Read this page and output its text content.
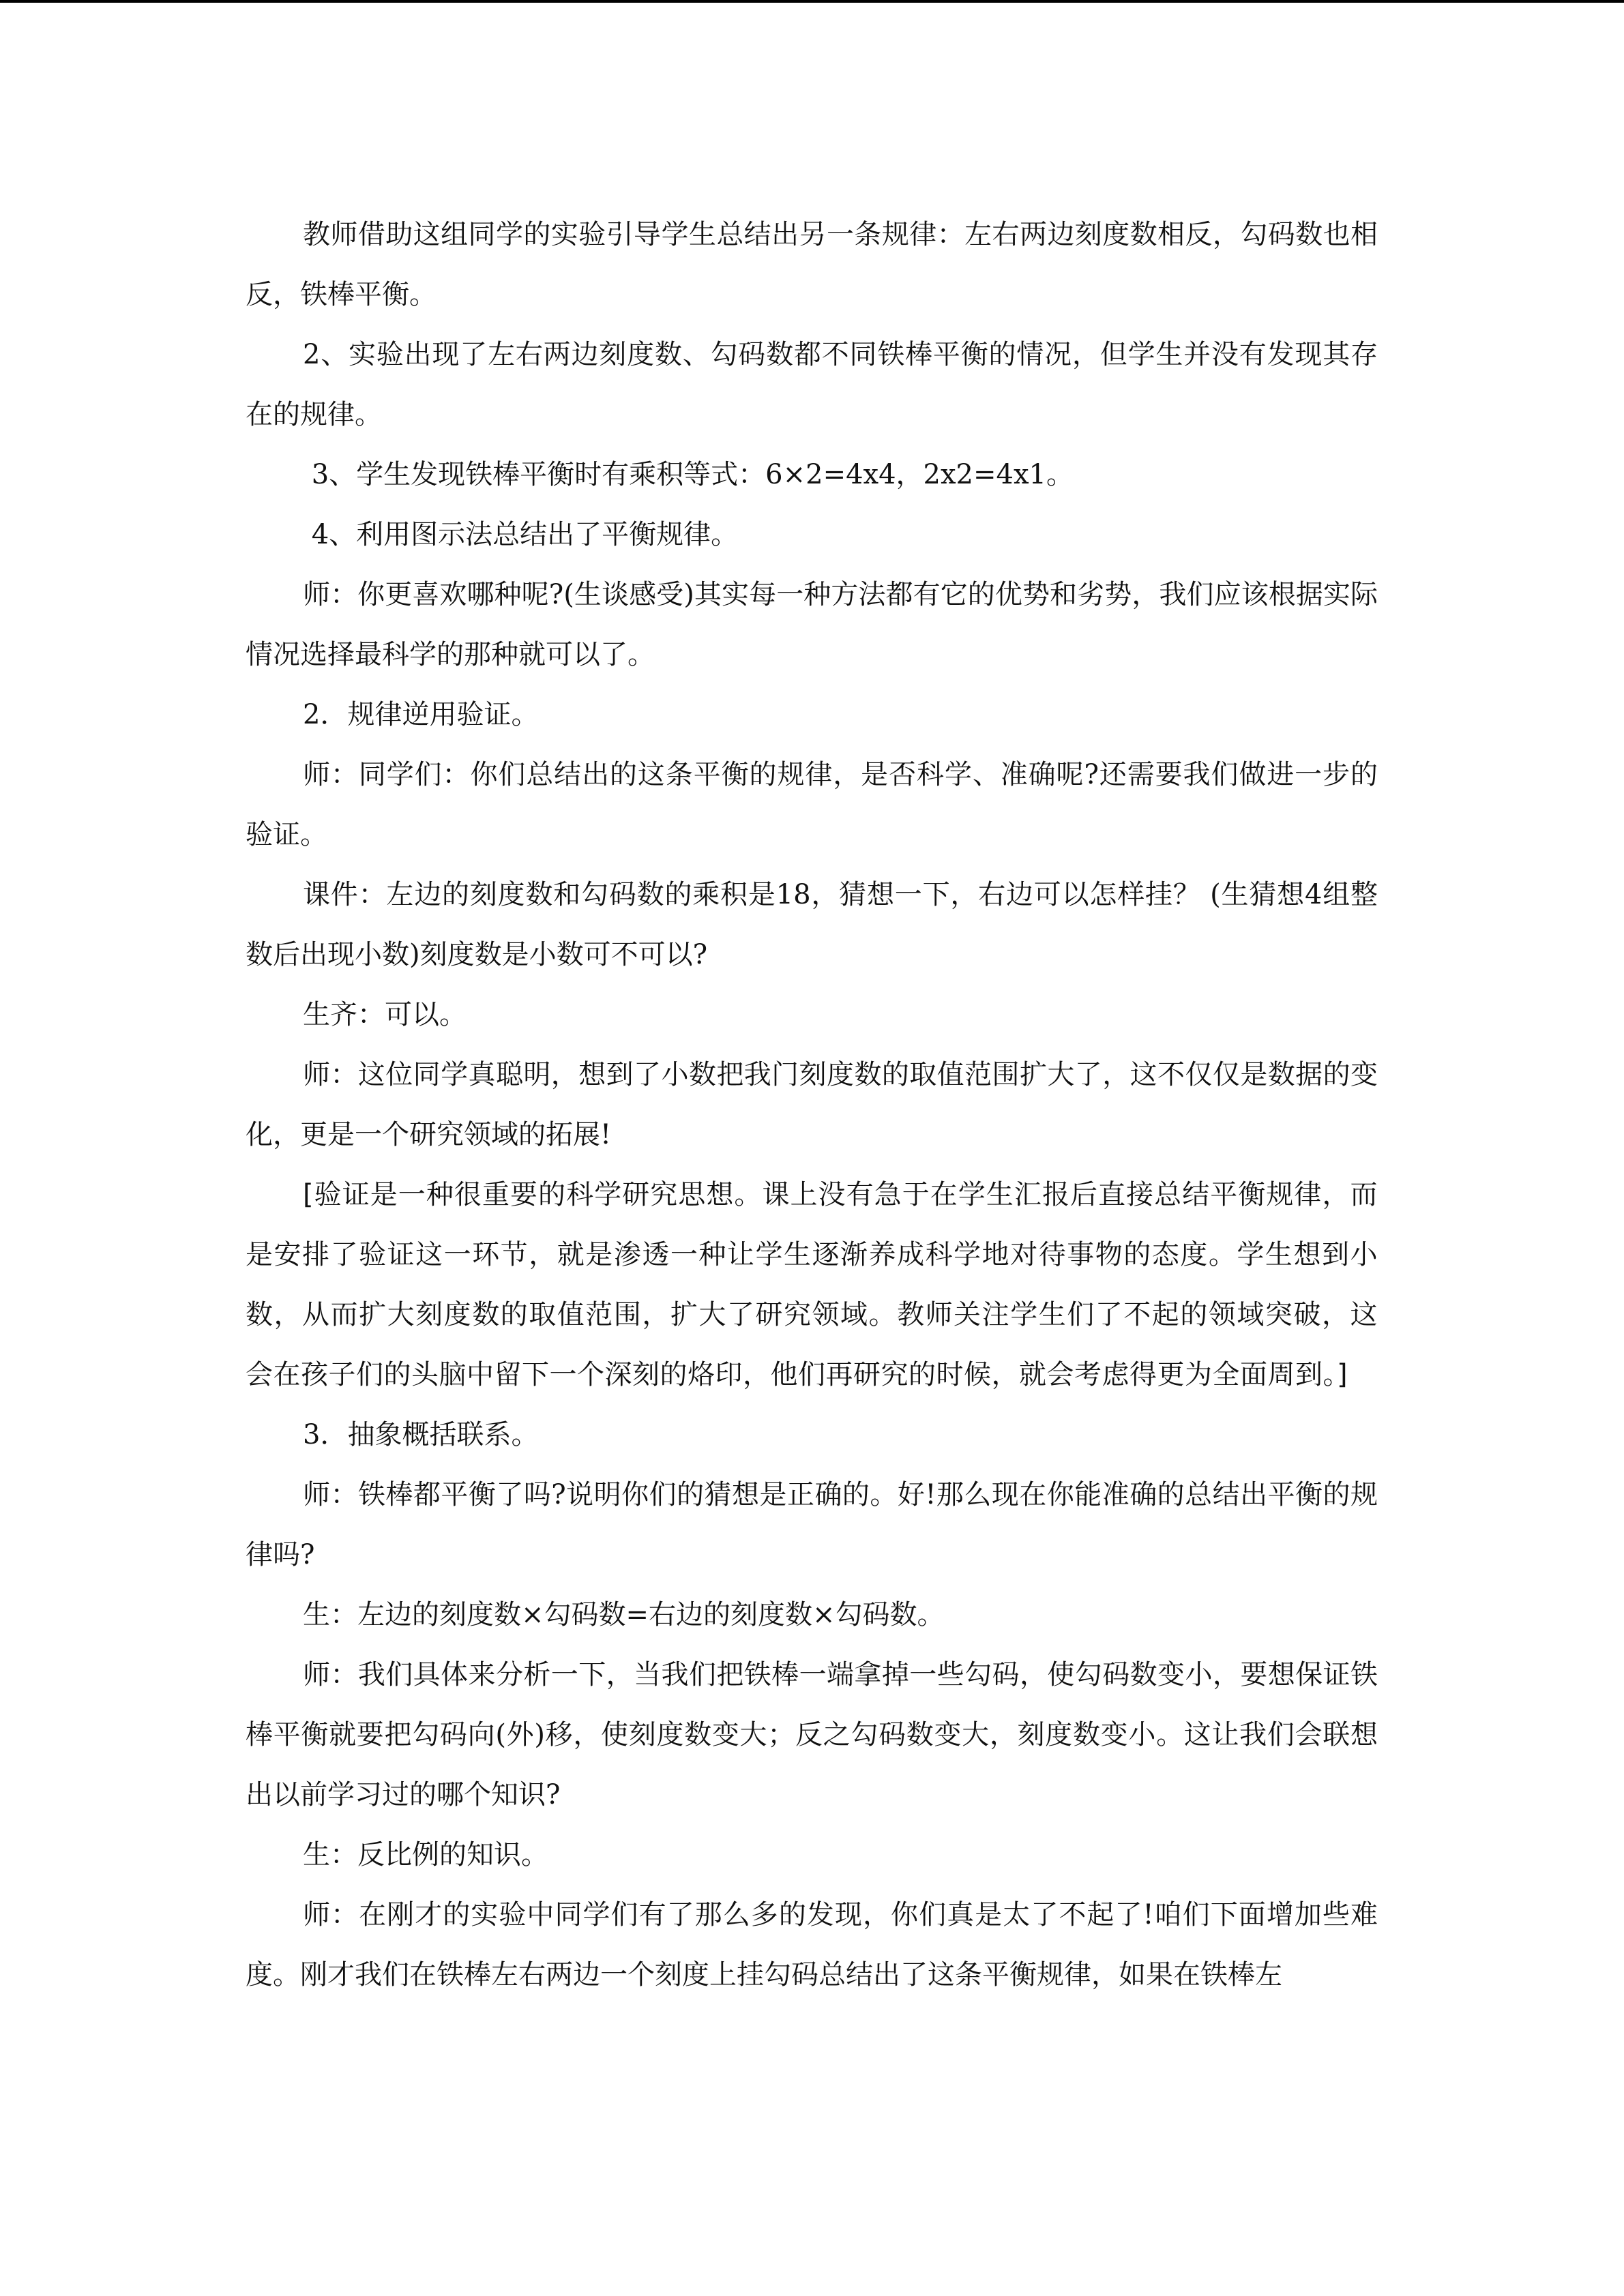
教师借助这组同学的实验引导学生总结出另一条规律：左右两边刻度数相反，勾码数也相反，铁棒平衡。

2、实验出现了左右两边刻度数、勾码数都不同铁棒平衡的情况，但学生并没有发现其存在的规律。

3、学生发现铁棒平衡时有乘积等式：6×2=4x4，2x2=4x1。

4、利用图示法总结出了平衡规律。

师：你更喜欢哪种呢?(生谈感受)其实每一种方法都有它的优势和劣势，我们应该根据实际情况选择最科学的那种就可以了。

2．规律逆用验证。

师：同学们：你们总结出的这条平衡的规律，是否科学、准确呢?还需要我们做进一步的验证。

课件：左边的刻度数和勾码数的乘积是18，猜想一下，右边可以怎样挂？ (生猜想4组整数后出现小数)刻度数是小数可不可以?

生齐：可以。

师：这位同学真聪明，想到了小数把我门刻度数的取值范围扩大了，这不仅仅是数据的变化，更是一个研究领域的拓展!

[验证是一种很重要的科学研究思想。课上没有急于在学生汇报后直接总结平衡规律，而是安排了验证这一环节，就是渗透一种让学生逐渐养成科学地对待事物的态度。学生想到小数，从而扩大刻度数的取值范围，扩大了研究领域。教师关注学生们了不起的领域突破，这会在孩子们的头脑中留下一个深刻的烙印，他们再研究的时候，就会考虑得更为全面周到。]

3．抽象概括联系。

师：铁棒都平衡了吗?说明你们的猜想是正确的。好!那么现在你能准确的总结出平衡的规律吗?

生：左边的刻度数×勾码数=右边的刻度数×勾码数。

师：我们具体来分析一下，当我们把铁棒一端拿掉一些勾码，使勾码数变小，要想保证铁棒平衡就要把勾码向(外)移，使刻度数变大；反之勾码数变大，刻度数变小。这让我们会联想出以前学习过的哪个知识?

生：反比例的知识。

师：在刚才的实验中同学们有了那么多的发现，你们真是太了不起了!咱们下面增加些难度。刚才我们在铁棒左右两边一个刻度上挂勾码总结出了这条平衡规律，如果在铁棒左
